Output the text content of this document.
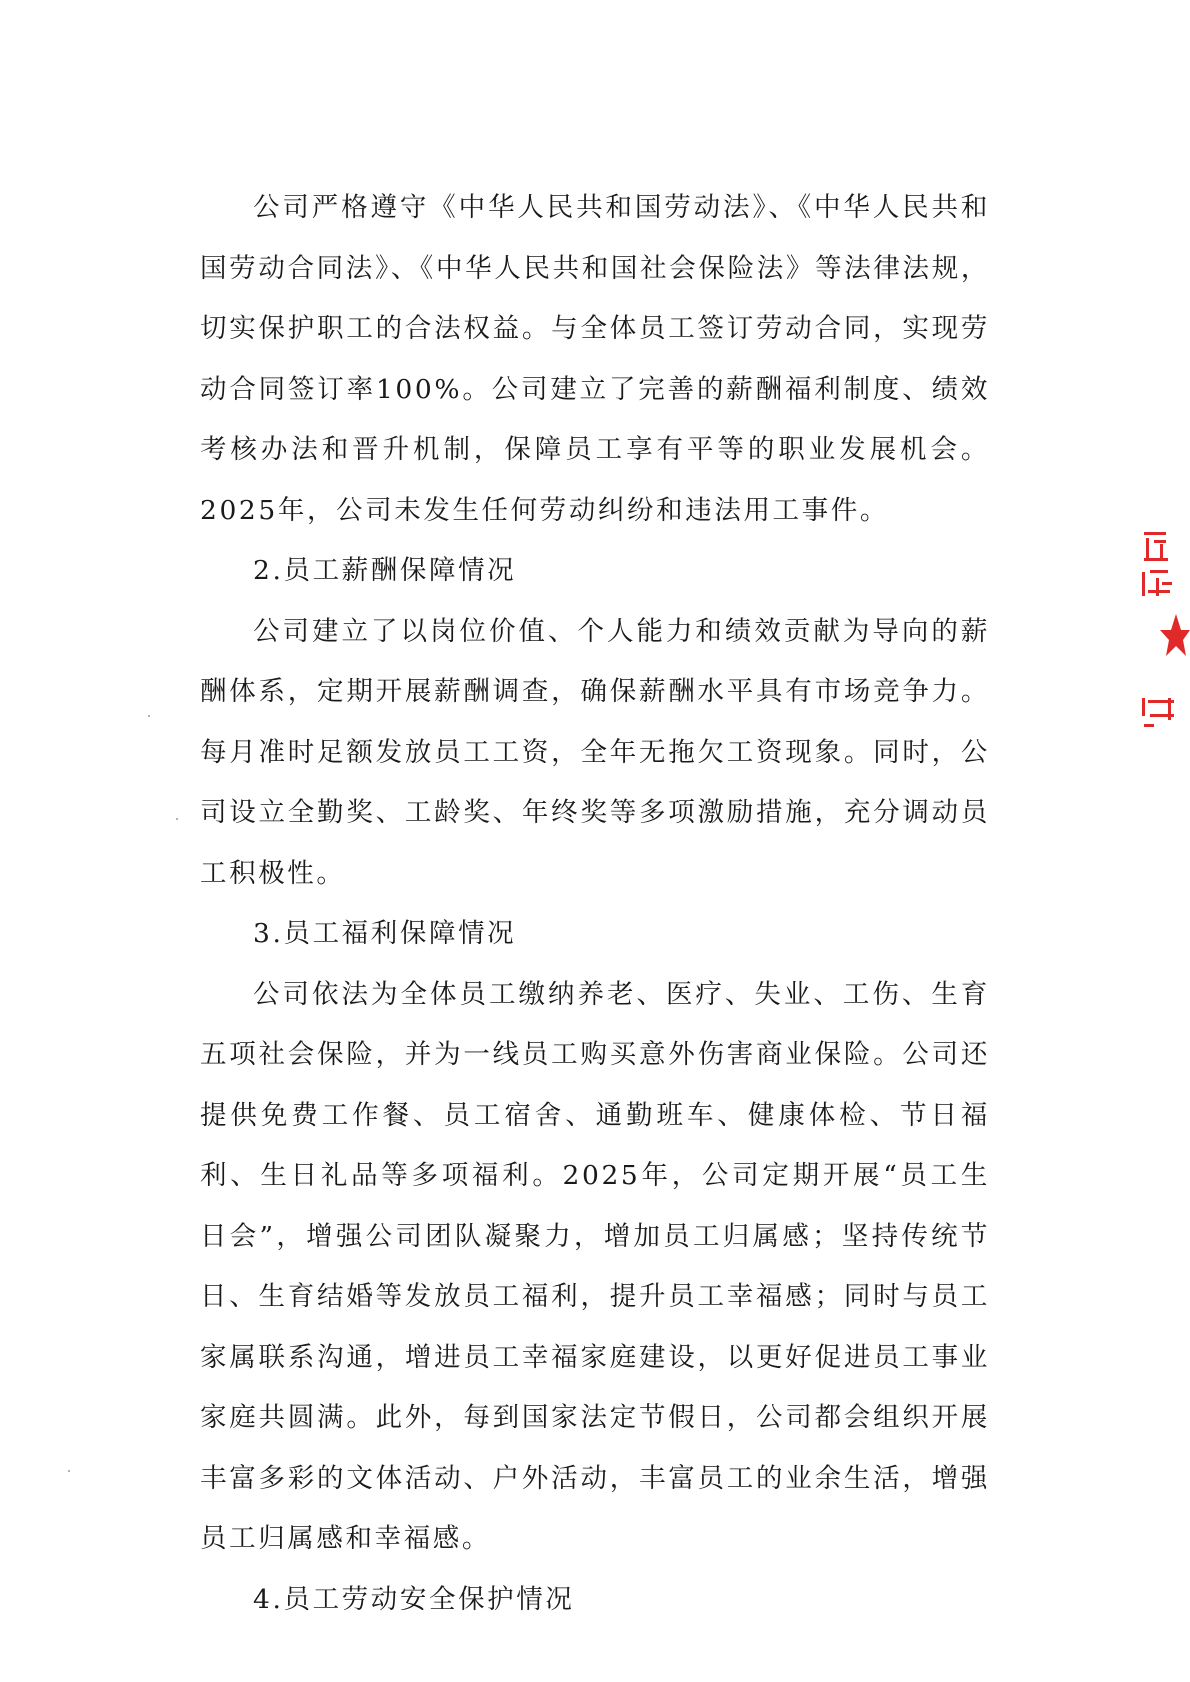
公司严格遵守《中华人民共和国劳动法》、《中华人民共和国劳动合同法》、《中华人民共和国社会保险法》等法律法规，切实保护职工的合法权益。与全体员工签订劳动合同，实现劳动合同签订率100%。公司建立了完善的薪酬福利制度、绩效考核办法和晋升机制，保障员工享有平等的职业发展机会。2025年，公司未发生任何劳动纠纷和违法用工事件。

2.员工薪酬保障情况

公司建立了以岗位价值、个人能力和绩效贡献为导向的薪酬体系，定期开展薪酬调查，确保薪酬水平具有市场竞争力。每月准时足额发放员工工资，全年无拖欠工资现象。同时，公司设立全勤奖、工龄奖、年终奖等多项激励措施，充分调动员工积极性。

3.员工福利保障情况

公司依法为全体员工缴纳养老、医疗、失业、工伤、生育五项社会保险，并为一线员工购买意外伤害商业保险。公司还提供免费工作餐、员工宿舍、通勤班车、健康体检、节日福利、生日礼品等多项福利。2025年，公司定期开展“员工生日会”，增强公司团队凝聚力，增加员工归属感；坚持传统节日、生育结婚等发放员工福利，提升员工幸福感；同时与员工家属联系沟通，增进员工幸福家庭建设，以更好促进员工事业家庭共圆满。此外，每到国家法定节假日，公司都会组织开展丰富多彩的文体活动、户外活动，丰富员工的业余生活，增强员工归属感和幸福感。

4.员工劳动安全保护情况
